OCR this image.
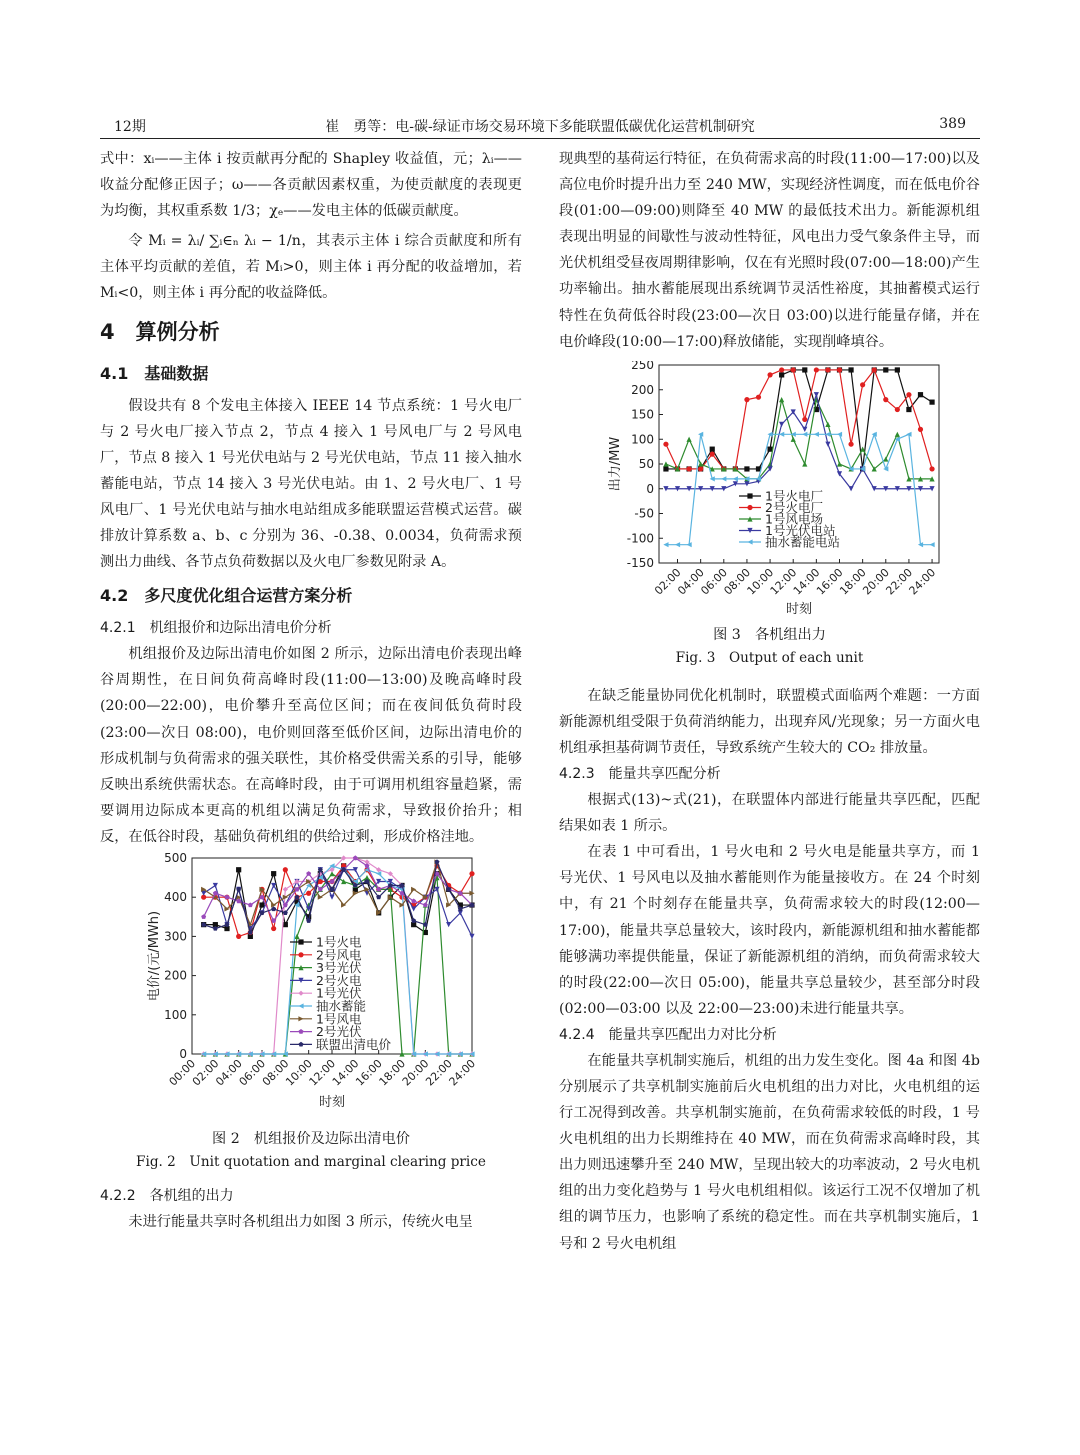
12期	崔　勇等：电-碳-绿证市场交易环境下多能联盟低碳优化运营机制研究	389

式中：xᵢ——主体 i 按贡献再分配的 Shapley 收益值，元；λᵢ——收益分配修正因子；ω——各贡献因素权重，为使贡献度的表现更为均衡，其权重系数 1/3；χₑ——发电主体的低碳贡献度。

令 Mᵢ = λᵢ/ ∑ᵢ∈ₙ λᵢ − 1/n，其表示主体 i 综合贡献度和所有主体平均贡献的差值，若 Mᵢ>0，则主体 i 再分配的收益增加，若 Mᵢ<0，则主体 i 再分配的收益降低。

4　算例分析
4.1　基础数据

假设共有 8 个发电主体接入 IEEE 14 节点系统：1 号火电厂与 2 号火电厂接入节点 2，节点 4 接入 1 号风电厂与 2 号风电厂，节点 8 接入 1 号光伏电站与 2 号光伏电站，节点 11 接入抽水蓄能电站，节点 14 接入 3 号光伏电站。由 1、2 号火电厂、1 号风电厂、1 号光伏电站与抽水电站组成多能联盟运营模式运营。碳排放计算系数 a、b、c 分别为 36、-0.38、0.0034，负荷需求预测出力曲线、各节点负荷数据以及火电厂参数见附录 A。

4.2　多尺度优化组合运营方案分析
4.2.1　机组报价和边际出清电价分析

机组报价及边际出清电价如图 2 所示，边际出清电价表现出峰谷周期性，在日间负荷高峰时段(11:00—13:00)及晚高峰时段(20:00—22:00)，电价攀升至高位区间；而在夜间低负荷时段(23:00—次日 08:00)，电价则回落至低价区间，边际出清电价的形成机制与负荷需求的强关联性，其价格受供需关系的引导，能够反映出系统供需状态。在高峰时段，由于可调用机组容量趋紧，需要调用边际成本更高的机组以满足负荷需求，导致报价抬升；相反，在低谷时段，基础负荷机组的供给过剩，形成价格洼地。

0
100
200
300
400
500
00:00
02:00
04:00
06:00
08:00
10:00
12:00
14:00
16:00
18:00
20:00
22:00
24:00
时刻
电价/(元/MWh)	1号火电
2号风电
3号光伏
2号火电
1号光伏
抽水蓄能
1号风电
2号光伏
联盟出清电价
图 2　机组报价及边际出清电价
Fig. 2　Unit quotation and marginal clearing price
4.2.2　各机组的出力

未进行能量共享时各机组出力如图 3 所示，传统火电呈

现典型的基荷运行特征，在负荷需求高的时段(11:00—17:00)以及高位电价时提升出力至 240 MW，实现经济性调度，而在低电价谷段(01:00—09:00)则降至 40 MW 的最低技术出力。新能源机组表现出明显的间歇性与波动性特征，风电出力受气象条件主导，而光伏机组受昼夜周期律影响，仅在有光照时段(07:00—18:00)产生功率输出。抽水蓄能展现出系统调节灵活性裕度，其抽蓄模式运行特性在负荷低谷时段(23:00—次日 03:00)以进行能量存储，并在电价峰段(10:00—17:00)释放储能，实现削峰填谷。

-150
-100
-50
0
50
100
150
200
250
02:00
04:00
06:00
08:00
10:00
12:00
14:00
16:00
18:00
20:00
22:00
24:00
时刻
出力/MW
1号火电厂
2号火电厂
1号风电场
1号光伏电站
抽水蓄能电站
图 3　各机组出力
Fig. 3　Output of each unit

在缺乏能量协同优化机制时，联盟模式面临两个难题：一方面新能源机组受限于负荷消纳能力，出现弃风/光现象；另一方面火电机组承担基荷调节责任，导致系统产生较大的 CO₂ 排放量。

4.2.3　能量共享匹配分析

根据式(13)~式(21)，在联盟体内部进行能量共享匹配，匹配结果如表 1 所示。

在表 1 中可看出，1 号火电和 2 号火电是能量共享方，而 1 号光伏、1 号风电以及抽水蓄能则作为能量接收方。在 24 个时刻中，有 21 个时刻存在能量共享，负荷需求较大的时段(12:00—17:00)，能量共享总量较大，该时段内，新能源机组和抽水蓄能都能够满功率提供能量，保证了新能源机组的消纳，而负荷需求较大的时段(22:00—次日 05:00)，能量共享总量较少，甚至部分时段(02:00—03:00 以及 22:00—23:00)未进行能量共享。

4.2.4　能量共享匹配出力对比分析

在能量共享机制实施后，机组的出力发生变化。图 4a 和图 4b 分别展示了共享机制实施前后火电机组的出力对比，火电机组的运行工况得到改善。共享机制实施前，在负荷需求较低的时段，1 号火电机组的出力长期维持在 40 MW，而在负荷需求高峰时段，其出力则迅速攀升至 240 MW，呈现出较大的功率波动，2 号火电机组的出力变化趋势与 1 号火电机组相似。该运行工况不仅增加了机组的调节压力，也影响了系统的稳定性。而在共享机制实施后，1 号和 2 号火电机组
